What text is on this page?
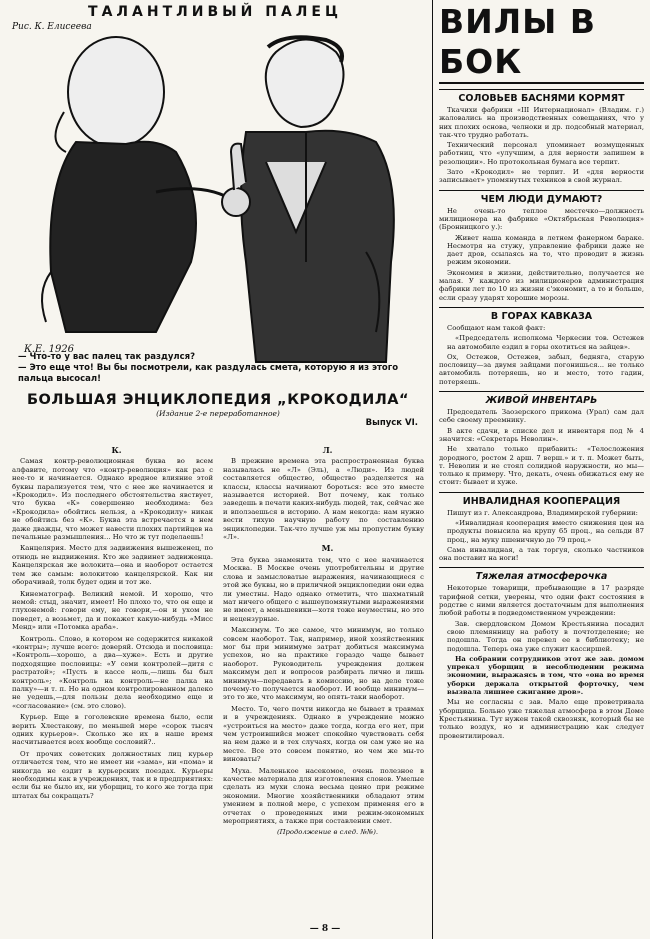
ТАЛАНТЛИВЫЙ ПАЛЕЦ
Рис. К. Елисеева
К.Е. 1926

— Что-то у вас палец так раздулся?

— Это еще что! Вы бы посмотрели, как раздулась смета, которую я из этого пальца высосал!

БОЛЬШАЯ ЭНЦИКЛОПЕДИЯ „КРОКОДИЛА“

(Издание 2-е переработанное)

Выпуск VI.

К.

Самая контр-революционная буква во всем алфавите, потому что «контр-революция» как раз с нее-то и начинается. Однако вредное влияние этой буквы парализуется тем, что с нее же начинается и «Крокодил». Из последнего обстоятельства явствует, что буква «К» совершенно необходима: без «Крокодила» обойтись нельзя, а «Крокодилу» никак не обойтись без «К». Буква эта встречается в нем даже дважды, что может навести плохих партийцев на печальные размышления... Но что ж тут поделаешь!

Канцелярия. Место для задвижения вышеженец, по отнюдь не выдвижения. Кто же задвинет задвиженца. Канцелярская же волокита—она и наоборот остается тем же самым: волокитою канцелярской. Как ни оборачивай, толк будет один и тот же.

Кинематограф. Великий немой. И хорошо, что немой: стыд, значит, имеет! Но плохо то, что он еще и глухонемой: говори ему, не говори,—он и ухом не поведет, а возьмет, да и покажет какую-нибудь «Мисс Менд» или «Потомка араба».

Контроль. Слово, в котором не содержится никакой «контры»; лучше всего: доверяй. Отсюда и пословица: «Контроль—хорошо, а два—хуже». Есть и другие подходящие пословицы: «У семи контролей—дитя с растратой»; «Пусть в кассе ноль,—лишь бы был контроль»; «Контроль на контроль—не палка на палку»—и т. п. Но на одном контролированном далеко не уедешь,—для пользы дела необходимо еще и «согласование» (см. это слово).

Курьер. Еще в гоголевские времена было, если верить Хлестакову, по меньшей мере «сорок тысяч одних курьеров». Сколько же их в наше время насчитывается всех вообще сословий?..

От прочих советских должностных лиц курьер отличается тем, что не имеет ни «зама», ни «пома» и никогда не ездит в курьерских поездах. Курьеры необходимы как в учреждениях, так и в предприятиях: если бы не было их, ни уборщиц, то кого же тогда при штатах бы сокращать?

Л.

В прежние времена эта распространенная буква называлась не «Л» (Эль), а «Люди». Из людей составляется общество, общество разделяется на классы, классы начинают бороться: все это вместе называется историей. Вот почему, как только заведешь в печати каких-нибудь людей, так, сейчас же и вползаешься в историю. А нам некогда: нам нужно вести тихую научную работу по составлению энциклопедии. Так-что лучше уж мы пропустим букву «Л».

М.

Эта буква знаменита тем, что с нее начинается Москва. В Москве очень употребительны и другие слова и замысловатые выражения, начинающиеся с этой же буквы, но в приличной энциклопедии они едва ли уместны. Надо однако отметить, что шахматный мат ничего общего с вышеупомянутыми выражениями не имеет, а меньшевики—хотя тоже неуместны, но это и нецензурные.

Максимум. То же самое, что минимум, но только совсем наоборот. Так, например, иной хозяйственник мог бы при минимуме затрат добиться максимума успехов, но на практике гораздо чаще бывает наоборот. Руководитель учреждения должен максимум дел и вопросов разбирать лично и лишь минимум—передавать в комиссию, но на деле тоже почему-то получается наоборот. И вообще минимум—это то же, что максимум, но опять-таки наоборот.

Место. То, чего почти никогда не бывает в травмах и в учреждениях. Однако в учреждение можно «устроиться на место» даже тогда, когда его нет, при чем устроившийся может спокойно чувствовать себя на нем даже и в тех случаях, когда он сам уже не на месте. Все это совсем понятно, но чем же мы-то виноваты?

Муха. Маленькое насекомое, очень полезное в качестве материала для изготовления слонов. Умелые сделать из мухи слона весьма ценно при режиме экономии. Многие хозяйственники обладают этим умением в полной мере, с успехом применяя его в отчетах о проведенных ими режим-экономных мероприятиях, а также при составлении смет.

(Продолжение в след. №№).

— 8 —
ВИЛЫ В БОК
СОЛОВЬЕВ БАСНЯМИ КОРМЯТ

Ткачихи фабрики «III Интернационал» (Владим. г.) жаловались на производственных совещаниях, что у них плохих основа, челноки и др. подсобный материал, так-что трудно работать.

Технический персонал упоминает возмущенных работниц, что «улучшим, а для верности запишем в резолюции». Но протокольная бумага все терпит.

Зато «Крокодил» не терпит. И «для верности записывает» упомянутых техников в свой журнал.

ЧЕМ ЛЮДИ ДУМАЮТ?

Не очень-то теплое местечко—должность милиционера на фабрике «Октябрьская Революция» (Бронницкого у.):

Живет наша команда в летнем фанерном бараке. Несмотря на стужу, управление фабрики даже не дает дров, ссылаясь на то, что проводит в жизнь режим экономии.

Экономия в жизни, действительно, получается не малая. У каждого из милиционеров администрация фабрики лет по 10 из жизни с'экономит, а то и больше, если сразу ударят хорошие морозы.

В ГОРАХ КАВКАЗА

Сообщают нам такой факт:

«Председатель исполкома Черкесии тов. Остежев на автомобиле ездил в горы охотиться на зайцев».

Ох, Остежов, Остежев, забыл, бедняга, старую пословицу—за двумя зайцами погонишься... не только автомобиль потеряешь, но и место, тото гадин, потеряешь.

ЖИВОЙ ИНВЕНТАРЬ

Председатель Заозерского прикома (Урал) сам дал себе своему преемнику.

В акте сдачи, в списке дел и инвентаря под № 4 значится: «Секретарь Неволин».

Не хватало только прибавить: «Телосложения дородного, ростом 2 арш. 7 верш.» и т. п. Может быть, т. Неволин и не стоял солидной наружности, но мы—только к примеру. Что, декать, очень обижаться ему не стоит: бывает и хуже.

ИНВАЛИДНАЯ КООПЕРАЦИЯ

Пишут из г. Александрова, Владимирской губернии:

«Инвалидная кооперация вместо снижения цен на продукты повысила на крупу 65 проц., на сельди 87 проц., на муку пшеничную до 79 проц.»

Сама инвалидная, а так торгуя, сколько частников она поставит на ноги!

Тяжелая атмосферочка

Некоторые товарищи, пребывающие в 17 разряде тарифной сетки, уверены, что одни факт состояния в родстве с ними является достаточным для выполнения любой работы в подведомственном учреждении:

Зав. свердловском Домом Крестьянина посадил свою племянницу на работу в почтотделение; не подошла. Тогда он перевел ее в библиотеку; не подошла. Теперь она уже служит кассиршей.

На собрании сотрудников этот же зав. домом упрекал уборщиц в несоблюдении режима экономии, выражаясь в том, что «она во время уборки держала открытой форточку, чем вызвала лишнее сжигание дров».

Мы не согласны с зав. Мало еще проветривала уборщица. Больно уже тяжелая атмосфера в этом Доме Крестьянина. Тут нужен такой сквозняк, который бы не только воздух, но и администрацию как следует провентилировал.
